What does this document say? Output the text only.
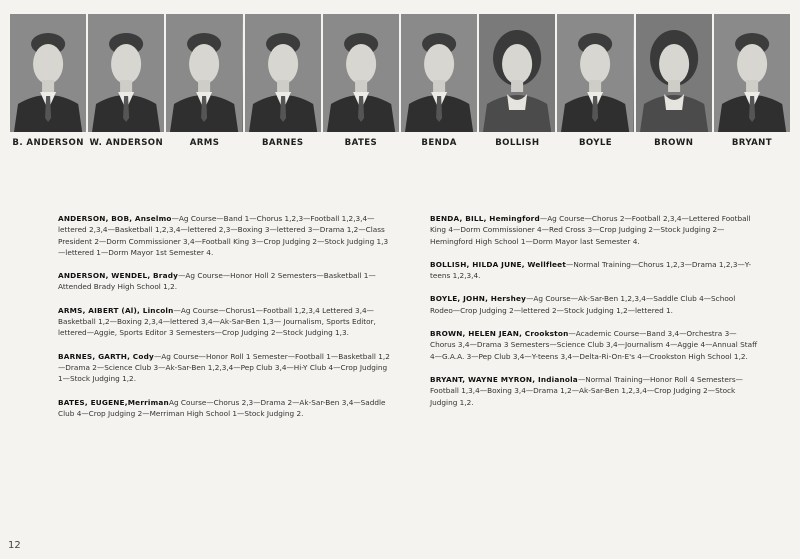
B. ANDERSON W. ANDERSON	ARMS	BARNES	BATES	BENDA	BOLLISH	BOYLE	BROWN	BRYANT
ANDERSON, BOB, Anselmo—Ag Course—Band 1—Chorus 1,2,3—Football 1,2,3,4—lettered 2,3,4—Basketball 1,2,3,4—lettered 2,3—Boxing 3—lettered 3—Drama 1,2—Class President 2—Dorm Commissioner 3,4—Football King 3—Crop Judging 2—Stock Judging 1,3—lettered 1—Dorm Mayor 1st Semester 4.
ANDERSON, WENDEL, Brady—Ag Course—Honor Holl 2 Semesters—Basketball 1—Attended Brady High School 1,2.
ARMS, AIBERT (Al), Lincoln—Ag Course—Chorus1—Football 1,2,3,4 Lettered 3,4—Basketball 1,2—Boxing 2,3,4—lettered 3,4—Ak-Sar-Ben 1,3— Journalism, Sports Editor, lettered—Aggie, Sports Editor 3 Semesters—Crop Judging 2—Stock Judging 1,3.
BARNES, GARTH, Cody—Ag Course—Honor Roll 1 Semester—Football 1—Basketball 1,2—Drama 2—Science Club 3—Ak-Sar-Ben 1,2,3,4—Pep Club 3,4—Hi-Y Club 4—Crop Judging 1—Stock Judging 1,2.
BATES, EUGENE,MerrimanAg Course—Chorus 2,3—Drama 2—Ak-Sar-Ben 3,4—Saddle Club 4—Crop Judging 2—Merriman High School 1—Stock Judging 2.
BENDA, BILL, Hemingford—Ag Course—Chorus 2—Football 2,3,4—Lettered Football King 4—Dorm Commissioner 4—Red Cross 3—Crop Judging 2—Stock Judging 2—Hemingford High School 1—Dorm Mayor last Semester 4.
BOLLISH, HILDA JUNE, Wellfleet—Normal Training—Chorus 1,2,3—Drama 1,2,3—Y-teens 1,2,3,4.
BOYLE, JOHN, Hershey—Ag Course—Ak-Sar-Ben 1,2,3,4—Saddle Club 4—School Rodeo—Crop Judging 2—lettered 2—Stock Judging 1,2—lettered 1.
BROWN, HELEN JEAN, Crookston—Academic Course—Band 3,4—Orchestra 3—Chorus 3,4—Drama 3 Semesters—Science Club 3,4—Journalism 4—Aggie 4—Annual Staff 4—G.A.A. 3—Pep Club 3,4—Y-teens 3,4—Delta-Ri-On-E's 4—Crookston High School 1,2.
BRYANT, WAYNE MYRON, Indianola—Normal Training—Honor Roll 4 Semesters—Football 1,3,4—Boxing 3,4—Drama 1,2—Ak-Sar-Ben 1,2,3,4—Crop Judging 2—Stock Judging 1,2.
12
